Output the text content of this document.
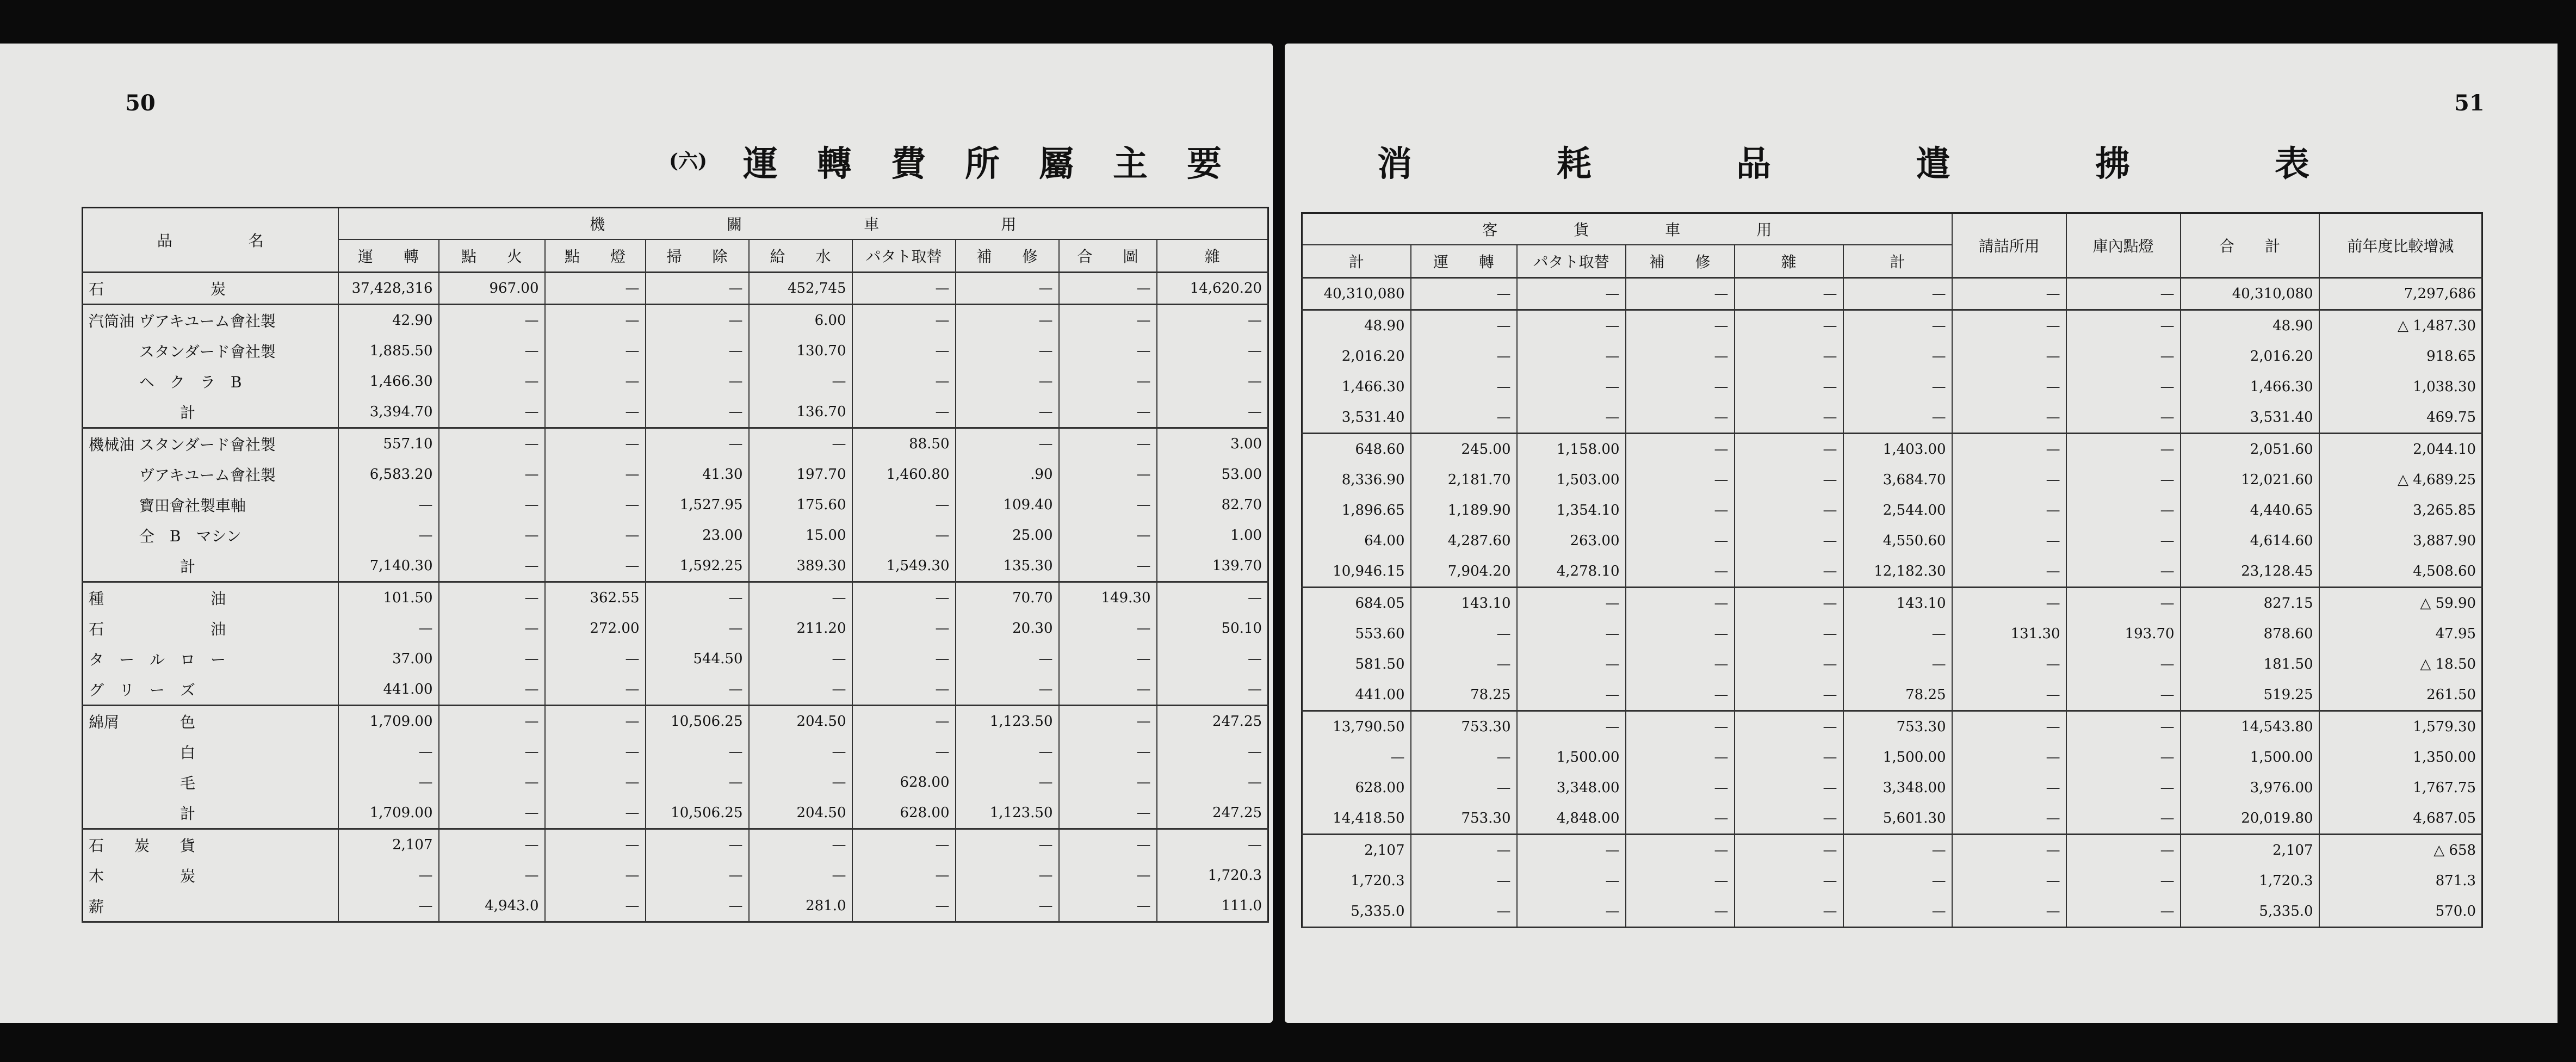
50
(六) 運 轉 費 所 屬 主 要
品　　　　　名	機　　　　　　　　關　　　　　　　　車　　　　　　　　用								
	運　　轉	點　　火	點　　燈	掃　　除	給　　水	パタト取替	補　　修	合　　圖	雜
石　　　　　　　炭	37,428,316	967.00	—	—	452,745	—	—	—	14,620.20
汽筒油 ヴアキユーム會社製	42.90	—	—	—	6.00	—	—	—	—
　　　 スタンダード會社製	1,885.50	—	—	—	130.70	—	—	—	—
　　　 ヘ　ク　ラ　B	1,466.30	—	—	—	—	—	—	—	—
　　　　　　計	3,394.70	—	—	—	136.70	—	—	—	—
機械油 スタンダード會社製	557.10	—	—	—	—	88.50	—	—	3.00
　　　 ヴアキユーム會社製	6,583.20	—	—	41.30	197.70	1,460.80	.90	—	53.00
　　　 寶田會社製車軸	—	—	—	1,527.95	175.60	—	109.40	—	82.70
　　　 仝　B　マシン	—	—	—	23.00	15.00	—	25.00	—	1.00
　　　　　　計	7,140.30	—	—	1,592.25	389.30	1,549.30	135.30	—	139.70
種　　　　　　　油	101.50	—	362.55	—	—	—	70.70	149.30	—
石　　　　　　　油	—	—	272.00	—	211.20	—	20.30	—	50.10
タ　ー　ル　ロ　ー	37.00	—	—	544.50	—	—	—	—	—
グ　リ　ー　ズ	441.00	—	—	—	—	—	—	—	—
綿屑　　　　色	1,709.00	—	—	10,506.25	204.50	—	1,123.50	—	247.25
　　　　　　白	—	—	—	—	—	—	—	—	—
　　　　　　毛	—	—	—	—	—	628.00	—	—	—
　　　　　　計	1,709.00	—	—	10,506.25	204.50	628.00	1,123.50	—	247.25
石　　炭　　貨	2,107	—	—	—	—	—	—	—	—
木　　　　　炭	—	—	—	—	—	—	—	—	1,720.3
薪	—	4,943.0	—	—	281.0	—	—	—	111.0
51
消	耗	品	遣	拂	表
客　　　　　貨　　　　　車　　　　　用						請詰所用	庫內點燈	合　　計	前年度比較增減
計	運　　轉	パタト取替	補　　修	雜	計				
40,310,080	—	—	—	—	—	—	—	40,310,080	7,297,686
48.90	—	—	—	—	—	—	—	48.90	△ 1,487.30
2,016.20	—	—	—	—	—	—	—	2,016.20	918.65
1,466.30	—	—	—	—	—	—	—	1,466.30	1,038.30
3,531.40	—	—	—	—	—	—	—	3,531.40	469.75
648.60	245.00	1,158.00	—	—	1,403.00	—	—	2,051.60	2,044.10
8,336.90	2,181.70	1,503.00	—	—	3,684.70	—	—	12,021.60	△ 4,689.25
1,896.65	1,189.90	1,354.10	—	—	2,544.00	—	—	4,440.65	3,265.85
64.00	4,287.60	263.00	—	—	4,550.60	—	—	4,614.60	3,887.90
10,946.15	7,904.20	4,278.10	—	—	12,182.30	—	—	23,128.45	4,508.60
684.05	143.10	—	—	—	143.10	—	—	827.15	△ 59.90
553.60	—	—	—	—	—	131.30	193.70	878.60	47.95
581.50	—	—	—	—	—	—	—	181.50	△ 18.50
441.00	78.25	—	—	—	78.25	—	—	519.25	261.50
13,790.50	753.30	—	—	—	753.30	—	—	14,543.80	1,579.30
—	—	1,500.00	—	—	1,500.00	—	—	1,500.00	1,350.00
628.00	—	3,348.00	—	—	3,348.00	—	—	3,976.00	1,767.75
14,418.50	753.30	4,848.00	—	—	5,601.30	—	—	20,019.80	4,687.05
2,107	—	—	—	—	—	—	—	2,107	△ 658
1,720.3	—	—	—	—	—	—	—	1,720.3	871.3
5,335.0	—	—	—	—	—	—	—	5,335.0	570.0
